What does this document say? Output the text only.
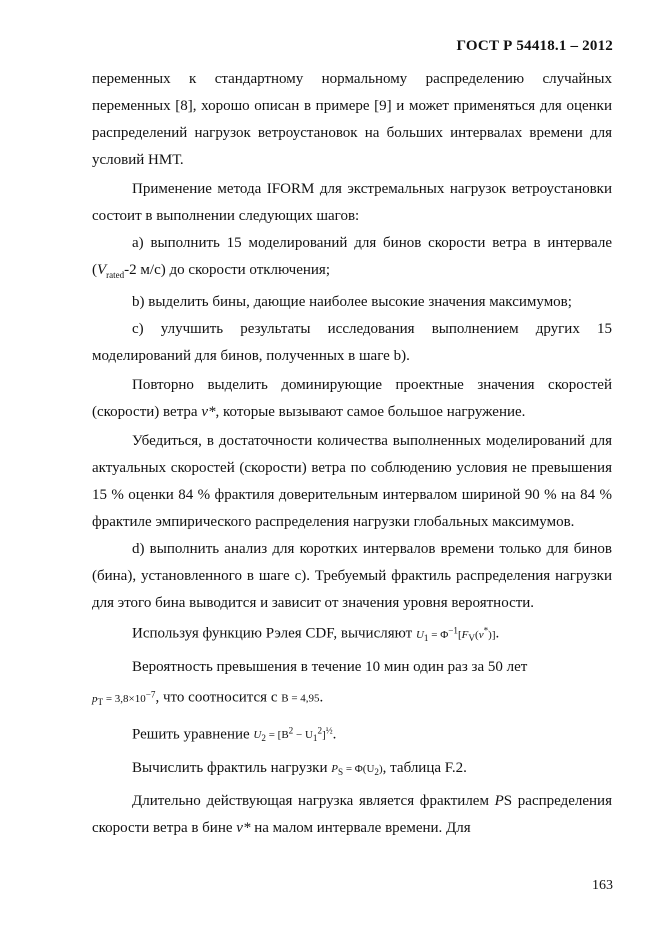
ГОСТ Р 54418.1 – 2012

переменных к стандартному нормальному распределению случайных переменных [8], хорошо описан в примере [9] и может применяться для оценки распределений нагрузок ветроустановок на больших интервалах времени для условий НМТ.

Применение метода IFORM для экстремальных нагрузок ветроустановки состоит в выполнении следующих шагов:

а) выполнить 15 моделирований для бинов скорости ветра в интервале ($V_{rated}-2$ м/с) до скорости отключения;

b) выделить бины, дающие наиболее высокие значения максимумов;

c) улучшить результаты исследования выполнением других 15 моделирований для бинов, полученных в шаге b).

Повторно выделить доминирующие проектные значения скоростей (скорости) ветра v*, которые вызывают самое большое нагружение.

Убедиться, в достаточности количества выполненных моделирований для актуальных скоростей (скорости) ветра по соблюдению условия не превышения 15 % оценки 84 % фрактиля доверительным интервалом шириной 90 % на 84 % фрактиле эмпирического распределения нагрузки глобальных максимумов.

d) выполнить анализ для коротких интервалов времени только для бинов (бина), установленного в шаге c). Требуемый фрактиль распределения нагрузки для этого бина выводится и зависит от значения уровня вероятности.

Используя функцию Рэлея CDF, вычисляют $U_1 = \Phi^{-1}[F_V(v^*)]$.

Вероятность превышения в течение 10 мин один раз за 50 лет
$p_T = 3,8\times 10^{-7}$, что соотносится с B = 4,95.

Решить уравнение $U_2 = [B^2 - U_1^2]^{\frac{1}{2}}$.

Вычислить фрактиль нагрузки $P_S = \Phi(U_2)$, таблица F.2.

Длительно действующая нагрузка является фрактилем PS распределения скорости ветра в бине v* на малом интервале времени. Для

163
